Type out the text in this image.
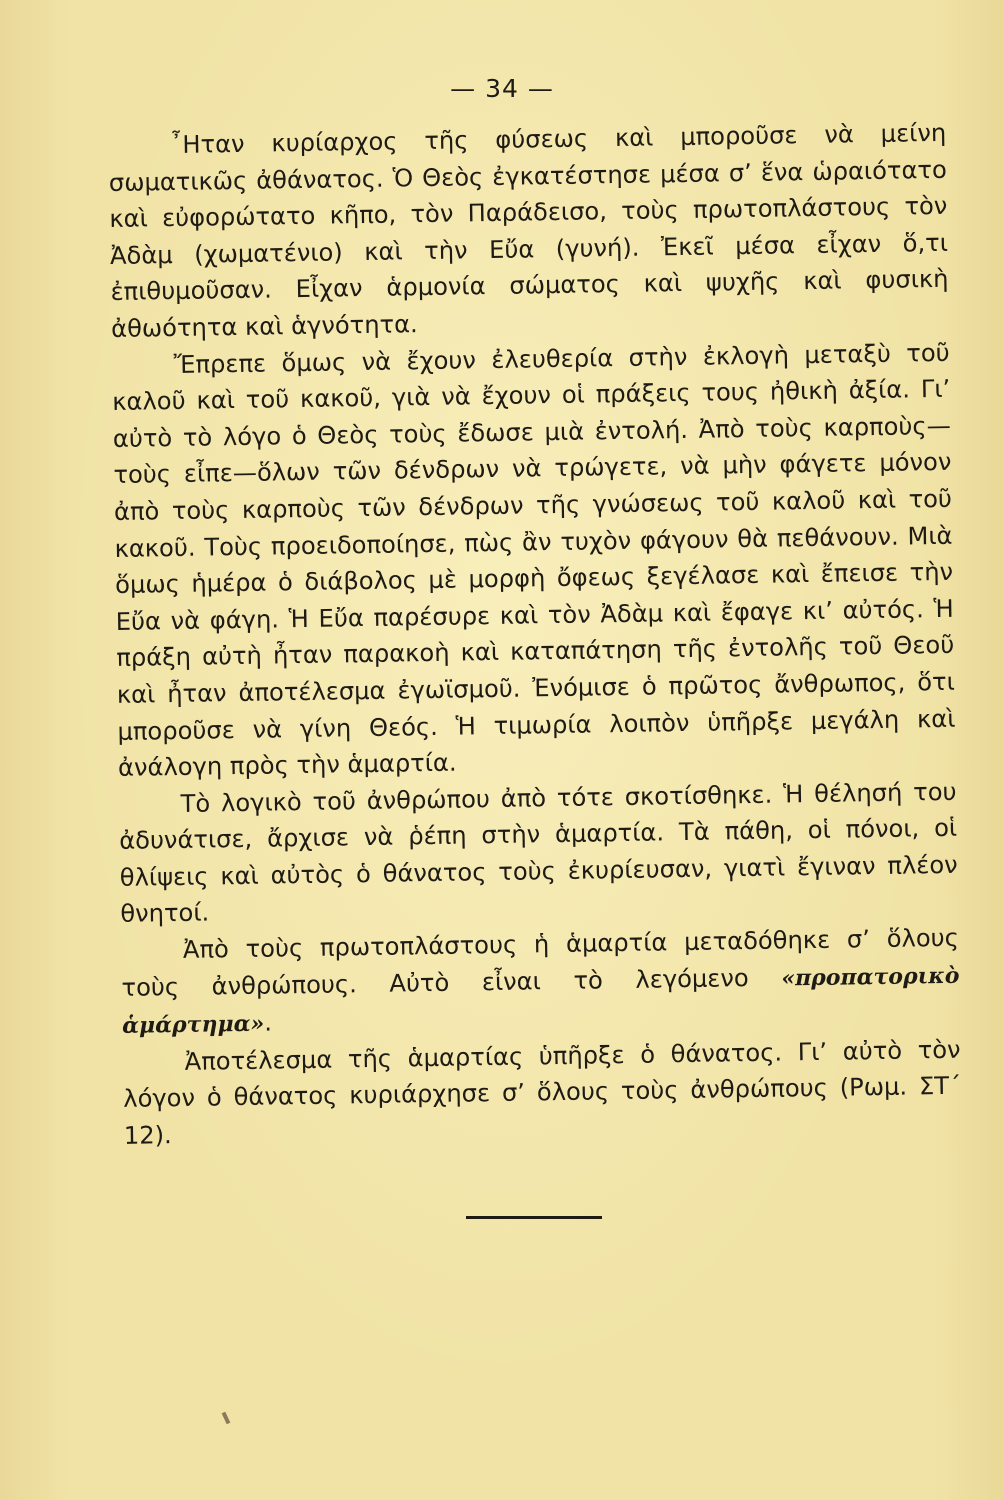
— 34 —

῏Ηταν κυρίαρχος τῆς φύσεως καὶ μποροῦσε νὰ μείνη σωματικῶς ἀθάνατος. Ὁ Θεὸς ἐγκατέστησε μέσα σ’ ἕνα ὡραιότατο καὶ εὐφορώτατο κῆπο, τὸν Παράδεισο, τοὺς πρωτοπλάστους τὸν Ἀδὰμ (χωματένιο) καὶ τὴν Εὔα (γυνή). Ἐκεῖ μέσα εἶχαν ὅ,τι ἐπιθυμοῦσαν. Εἶχαν ἁρμονία σώματος καὶ ψυχῆς καὶ φυσικὴ ἀθωότητα καὶ ἁγνότητα.

Ἔπρεπε ὅμως νὰ ἔχουν ἐλευθερία στὴν ἐκλογὴ μεταξὺ τοῦ καλοῦ καὶ τοῦ κακοῦ, γιὰ νὰ ἔχουν οἱ πράξεις τους ἠθικὴ ἀξία. Γι’ αὐτὸ τὸ λόγο ὁ Θεὸς τοὺς ἔδωσε μιὰ ἐντολή. Ἀπὸ τοὺς καρποὺς—τοὺς εἶπε—ὅλων τῶν δένδρων νὰ τρώγετε, νὰ μὴν φάγετε μόνον ἀπὸ τοὺς καρποὺς τῶν δένδρων τῆς γνώσεως τοῦ καλοῦ καὶ τοῦ κακοῦ. Τοὺς προειδοποίησε, πὼς ἂν τυχὸν φάγουν θὰ πεθάνουν. Μιὰ ὅμως ἡμέρα ὁ διάβολος μὲ μορφὴ ὄφεως ξεγέλασε καὶ ἔπεισε τὴν Εὔα νὰ φάγη. Ἡ Εὔα παρέσυρε καὶ τὸν Ἀδὰμ καὶ ἔφαγε κι’ αὐτός. Ἡ πράξη αὐτὴ ἦταν παρακοὴ καὶ καταπάτηση τῆς ἐντολῆς τοῦ Θεοῦ καὶ ἦταν ἀποτέλεσμα ἐγωϊσμοῦ. Ἐνόμισε ὁ πρῶτος ἄνθρωπος, ὅτι μποροῦσε νὰ γίνη Θεός. Ἡ τιμωρία λοιπὸν ὑπῆρξε μεγάλη καὶ ἀνάλογη πρὸς τὴν ἁμαρτία.

Τὸ λογικὸ τοῦ ἀνθρώπου ἀπὸ τότε σκοτίσθηκε. Ἡ θέλησή του ἀδυνάτισε, ἄρχισε νὰ ῥέπη στὴν ἁμαρτία. Τὰ πάθη, οἱ πόνοι, οἱ θλίψεις καὶ αὐτὸς ὁ θάνατος τοὺς ἐκυρίευσαν, γιατὶ ἔγιναν πλέον θνητοί.

Ἀπὸ τοὺς πρωτοπλάστους ἡ ἁμαρτία μεταδόθηκε σ’ ὅλους τοὺς ἀνθρώπους. Αὐτὸ εἶναι τὸ λεγόμενο «προπατορικὸ ἁμάρτημα».

Ἀποτέλεσμα τῆς ἁμαρτίας ὑπῆρξε ὁ θάνατος. Γι’ αὐτὸ τὸν λόγον ὁ θάνατος κυριάρχησε σ’ ὅλους τοὺς ἀνθρώπους (Ρωμ. ΣΤ΄ 12).
